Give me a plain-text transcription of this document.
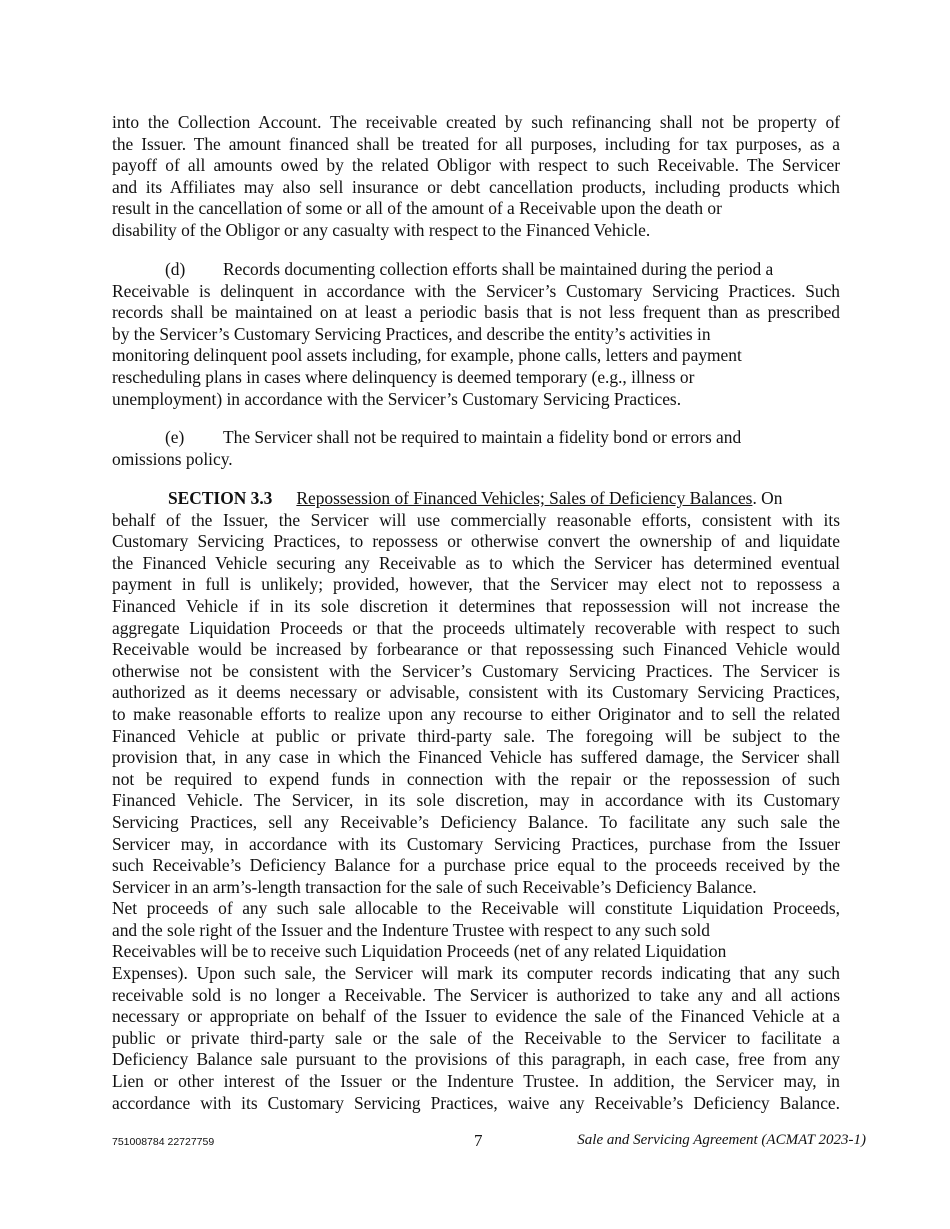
into the Collection Account. The receivable created by such refinancing shall not be property of
the Issuer. The amount financed shall be treated for all purposes, including for tax purposes, as a
payoff of all amounts owed by the related Obligor with respect to such Receivable. The Servicer
and its Affiliates may also sell insurance or debt cancellation products, including products which
result in the cancellation of some or all of the amount of a Receivable upon the death or
disability of the Obligor or any casualty with respect to the Financed Vehicle.
(d) Records documenting collection efforts shall be maintained during the period a
Receivable is delinquent in accordance with the Servicer’s Customary Servicing Practices. Such
records shall be maintained on at least a periodic basis that is not less frequent than as prescribed
by the Servicer’s Customary Servicing Practices, and describe the entity’s activities in
monitoring delinquent pool assets including, for example, phone calls, letters and payment
rescheduling plans in cases where delinquency is deemed temporary (e.g., illness or
unemployment) in accordance with the Servicer’s Customary Servicing Practices.
(e) The Servicer shall not be required to maintain a fidelity bond or errors and
omissions policy.
SECTION 3.3 Repossession of Financed Vehicles; Sales of Deficiency Balances. On
behalf of the Issuer, the Servicer will use commercially reasonable efforts, consistent with its
Customary Servicing Practices, to repossess or otherwise convert the ownership of and liquidate
the Financed Vehicle securing any Receivable as to which the Servicer has determined eventual
payment in full is unlikely; provided, however, that the Servicer may elect not to repossess a
Financed Vehicle if in its sole discretion it determines that repossession will not increase the
aggregate Liquidation Proceeds or that the proceeds ultimately recoverable with respect to such
Receivable would be increased by forbearance or that repossessing such Financed Vehicle would
otherwise not be consistent with the Servicer’s Customary Servicing Practices. The Servicer is
authorized as it deems necessary or advisable, consistent with its Customary Servicing Practices,
to make reasonable efforts to realize upon any recourse to either Originator and to sell the related
Financed Vehicle at public or private third-party sale. The foregoing will be subject to the
provision that, in any case in which the Financed Vehicle has suffered damage, the Servicer shall
not be required to expend funds in connection with the repair or the repossession of such
Financed Vehicle. The Servicer, in its sole discretion, may in accordance with its Customary
Servicing Practices, sell any Receivable’s Deficiency Balance. To facilitate any such sale the
Servicer may, in accordance with its Customary Servicing Practices, purchase from the Issuer
such Receivable’s Deficiency Balance for a purchase price equal to the proceeds received by the
Servicer in an arm’s-length transaction for the sale of such Receivable’s Deficiency Balance.
Net proceeds of any such sale allocable to the Receivable will constitute Liquidation Proceeds,
and the sole right of the Issuer and the Indenture Trustee with respect to any such sold
Receivables will be to receive such Liquidation Proceeds (net of any related Liquidation
Expenses). Upon such sale, the Servicer will mark its computer records indicating that any such
receivable sold is no longer a Receivable. The Servicer is authorized to take any and all actions
necessary or appropriate on behalf of the Issuer to evidence the sale of the Financed Vehicle at a
public or private third-party sale or the sale of the Receivable to the Servicer to facilitate a
Deficiency Balance sale pursuant to the provisions of this paragraph, in each case, free from any
Lien or other interest of the Issuer or the Indenture Trustee. In addition, the Servicer may, in
accordance with its Customary Servicing Practices, waive any Receivable’s Deficiency Balance.
751008784 22727759	7	Sale and Servicing Agreement (ACMAT 2023-1)
